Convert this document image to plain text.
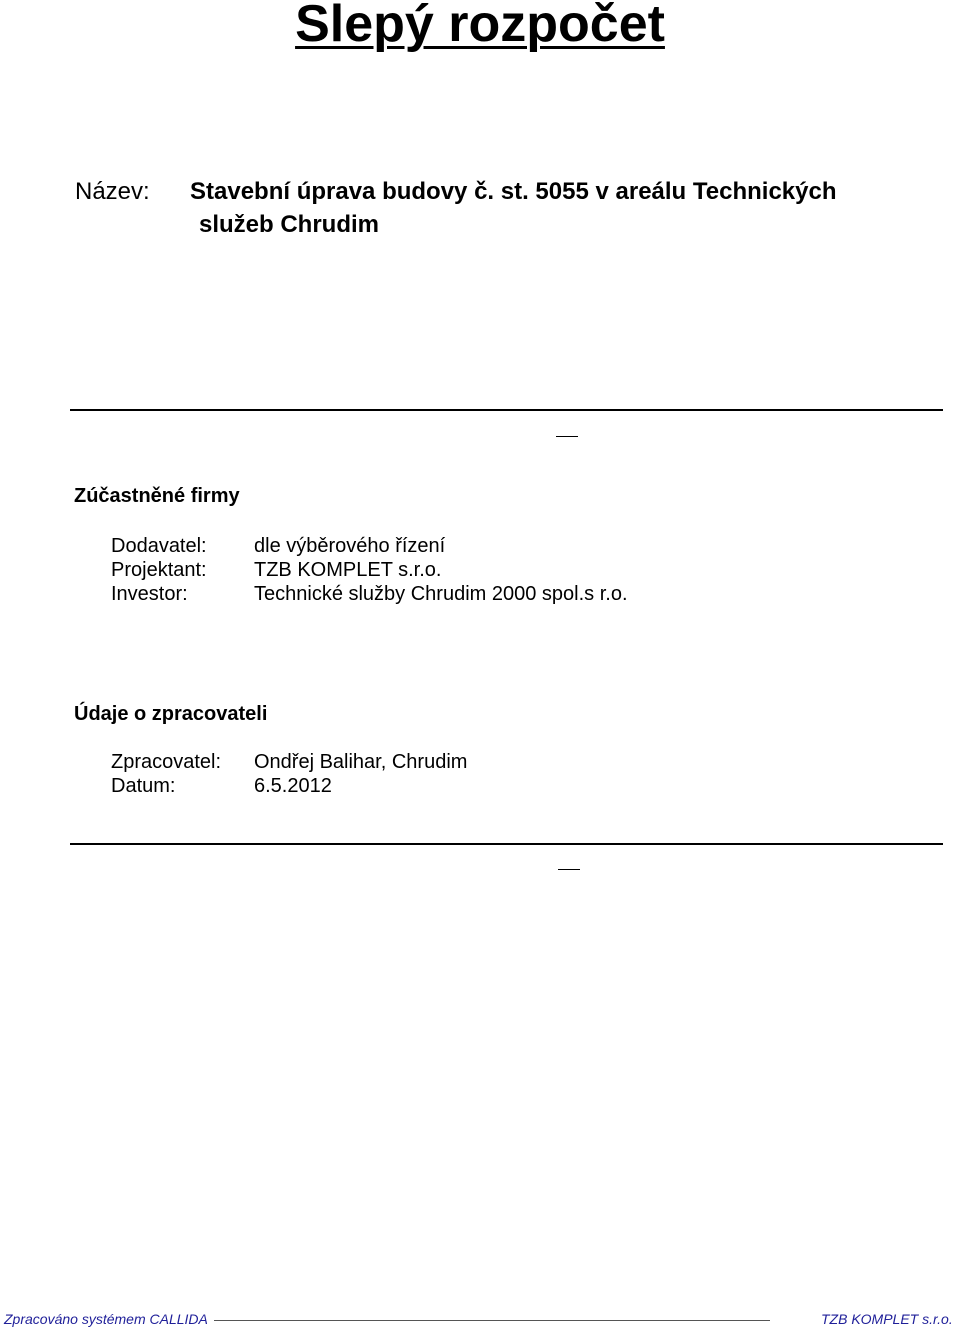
Slepý rozpočet
Název: Stavební úprava budovy č. st. 5055 v areálu Technických
služeb Chrudim
Zúčastněné firmy
Dodavatel: dle výběrového řízení
Projektant: TZB KOMPLET s.r.o.
Investor:	Technické služby Chrudim 2000 spol.s r.o.
Údaje o zpracovateli
Zpracovatel: Ondřej Balihar, Chrudim
Datum:	6.5.2012
Zpracováno systémem CALLIDA	TZB KOMPLET s.r.o.
